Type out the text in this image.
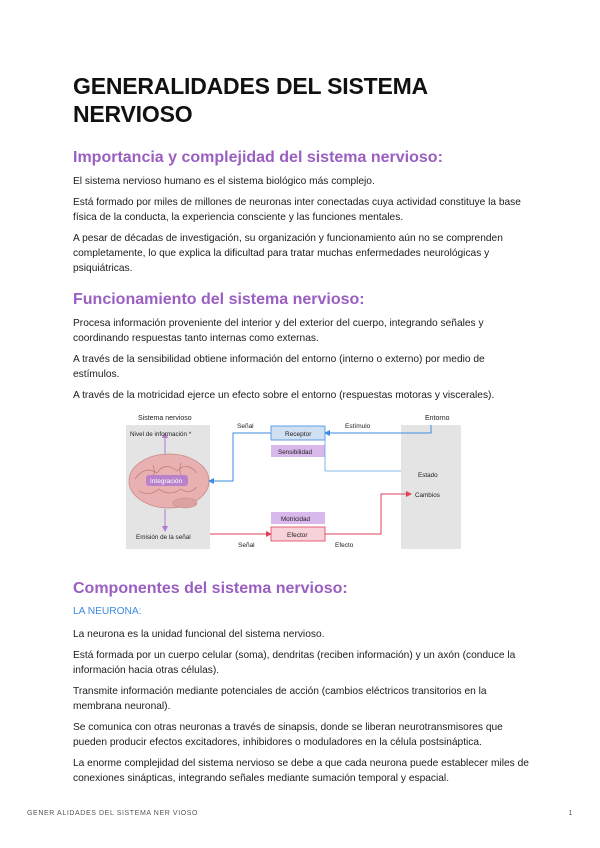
GENERALIDADES DEL SISTEMA NERVIOSO
Importancia y complejidad del sistema nervioso:

El sistema nervioso humano es el sistema biológico más complejo.

Está formado por miles de millones de neuronas inter conectadas cuya actividad constituye la base física de la conducta, la experiencia consciente y las funciones mentales.

A pesar de décadas de investigación, su organización y funcionamiento aún no se comprenden completamente, lo que explica la dificultad para tratar muchas enfermedades neurológicas y psiquiátricas.

Funcionamiento del sistema nervioso:

Procesa información proveniente del interior y del exterior del cuerpo, integrando señales y coordinando respuestas tanto internas como externas.

A través de la sensibilidad obtiene información del entorno (interno o externo) por medio de estímulos.

A través de la motricidad ejerce un efecto sobre el entorno (respuestas motoras y viscerales).

Sistema nervioso	Entorno
Integración
Nivel de información *
Emisión de la señal
Señal	Estímulo
Receptor
Sensibilidad
Estado
Señal	Efecto
Cambios
Motricidad
Efector
Componentes del sistema nervioso:
LA NEURONA:

La neurona es la unidad funcional del sistema nervioso.

Está formada por un cuerpo celular (soma), dendritas (reciben información) y un axón (conduce la información hacia otras células).

Transmite información mediante potenciales de acción (cambios eléctricos transitorios en la membrana neuronal).

Se comunica con otras neuronas a través de sinapsis, donde se liberan neurotransmisores que pueden producir efectos excitadores, inhibidores o moduladores en la célula postsináptica.

La enorme complejidad del sistema nervioso se debe a que cada neurona puede establecer miles de conexiones sinápticas, integrando señales mediante sumación temporal y espacial.

GENER ALIDADES DEL SISTEMA NER VIOSO	1
